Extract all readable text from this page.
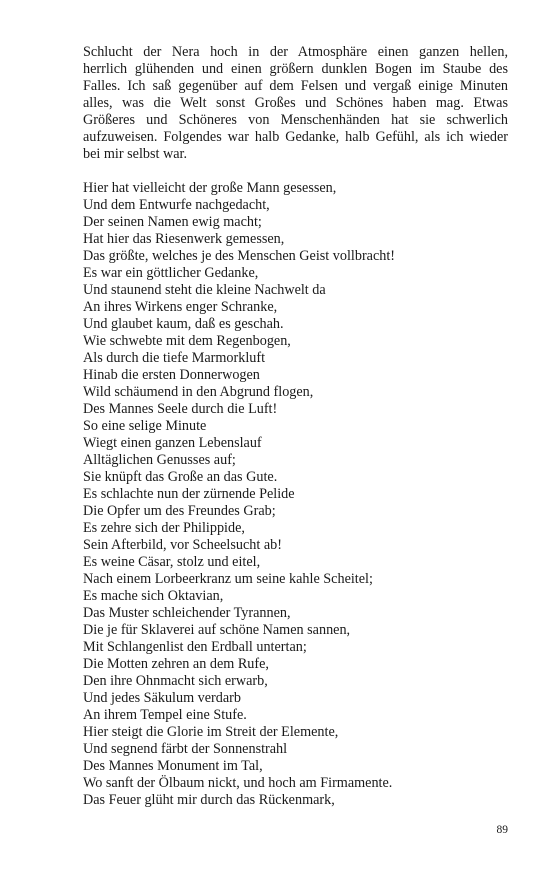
Schlucht der Nera hoch in der Atmosphäre einen ganzen hellen,
herrlich glühenden und einen größern dunklen Bogen im Staube des
Falles. Ich saß gegenüber auf dem Felsen und vergaß einige Minuten
alles, was die Welt sonst Großes und Schönes haben mag. Etwas
Größeres und Schöneres von Menschenhänden hat sie schwerlich
aufzuweisen. Folgendes war halb Gedanke, halb Gefühl, als ich wieder
bei mir selbst war.
Hier hat vielleicht der große Mann gesessen,
Und dem Entwurfe nachgedacht,
Der seinen Namen ewig macht;
Hat hier das Riesenwerk gemessen,
Das größte, welches je des Menschen Geist vollbracht!
Es war ein göttlicher Gedanke,
Und staunend steht die kleine Nachwelt da
An ihres Wirkens enger Schranke,
Und glaubet kaum, daß es geschah.
Wie schwebte mit dem Regenbogen,
Als durch die tiefe Marmorkluft
Hinab die ersten Donnerwogen
Wild schäumend in den Abgrund flogen,
Des Mannes Seele durch die Luft!
So eine selige Minute
Wiegt einen ganzen Lebenslauf
Alltäglichen Genusses auf;
Sie knüpft das Große an das Gute.
Es schlachte nun der zürnende Pelide
Die Opfer um des Freundes Grab;
Es zehre sich der Philippide,
Sein Afterbild, vor Scheelsucht ab!
Es weine Cäsar, stolz und eitel,
Nach einem Lorbeerkranz um seine kahle Scheitel;
Es mache sich Oktavian,
Das Muster schleichender Tyrannen,
Die je für Sklaverei auf schöne Namen sannen,
Mit Schlangenlist den Erdball untertan;
Die Motten zehren an dem Rufe,
Den ihre Ohnmacht sich erwarb,
Und jedes Säkulum verdarb
An ihrem Tempel eine Stufe.
Hier steigt die Glorie im Streit der Elemente,
Und segnend färbt der Sonnenstrahl
Des Mannes Monument im Tal,
Wo sanft der Ölbaum nickt, und hoch am Firmamente.
Das Feuer glüht mir durch das Rückenmark,
89
